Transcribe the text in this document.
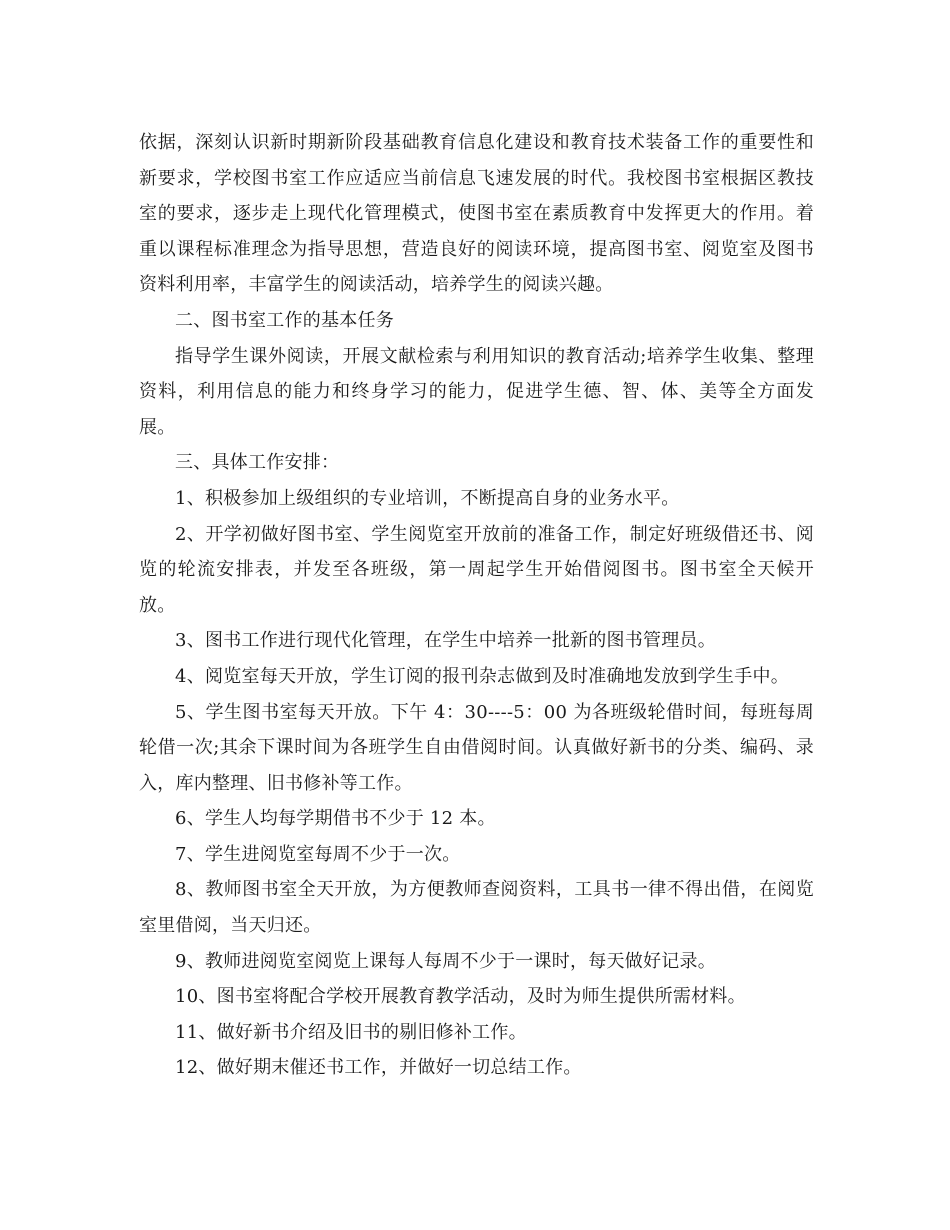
依据，深刻认识新时期新阶段基础教育信息化建设和教育技术装备工作的重要性和新要求，学校图书室工作应适应当前信息飞速发展的时代。我校图书室根据区教技室的要求，逐步走上现代化管理模式，使图书室在素质教育中发挥更大的作用。着重以课程标准理念为指导思想，营造良好的阅读环境，提高图书室、阅览室及图书资料利用率，丰富学生的阅读活动，培养学生的阅读兴趣。

二、图书室工作的基本任务

指导学生课外阅读，开展文献检索与利用知识的教育活动;培养学生收集、整理资料，利用信息的能力和终身学习的能力，促进学生德、智、体、美等全方面发展。

三、具体工作安排：

1、积极参加上级组织的专业培训，不断提高自身的业务水平。

2、开学初做好图书室、学生阅览室开放前的准备工作，制定好班级借还书、阅览的轮流安排表，并发至各班级，第一周起学生开始借阅图书。图书室全天候开放。

3、图书工作进行现代化管理，在学生中培养一批新的图书管理员。

4、阅览室每天开放，学生订阅的报刊杂志做到及时准确地发放到学生手中。

5、学生图书室每天开放。下午 4：30----5：00 为各班级轮借时间，每班每周轮借一次;其余下课时间为各班学生自由借阅时间。认真做好新书的分类、编码、录入，库内整理、旧书修补等工作。

6、学生人均每学期借书不少于 12 本。

7、学生进阅览室每周不少于一次。

8、教师图书室全天开放，为方便教师查阅资料，工具书一律不得出借，在阅览室里借阅，当天归还。

9、教师进阅览室阅览上课每人每周不少于一课时，每天做好记录。

10、图书室将配合学校开展教育教学活动，及时为师生提供所需材料。

11、做好新书介绍及旧书的剔旧修补工作。

12、做好期末催还书工作，并做好一切总结工作。
